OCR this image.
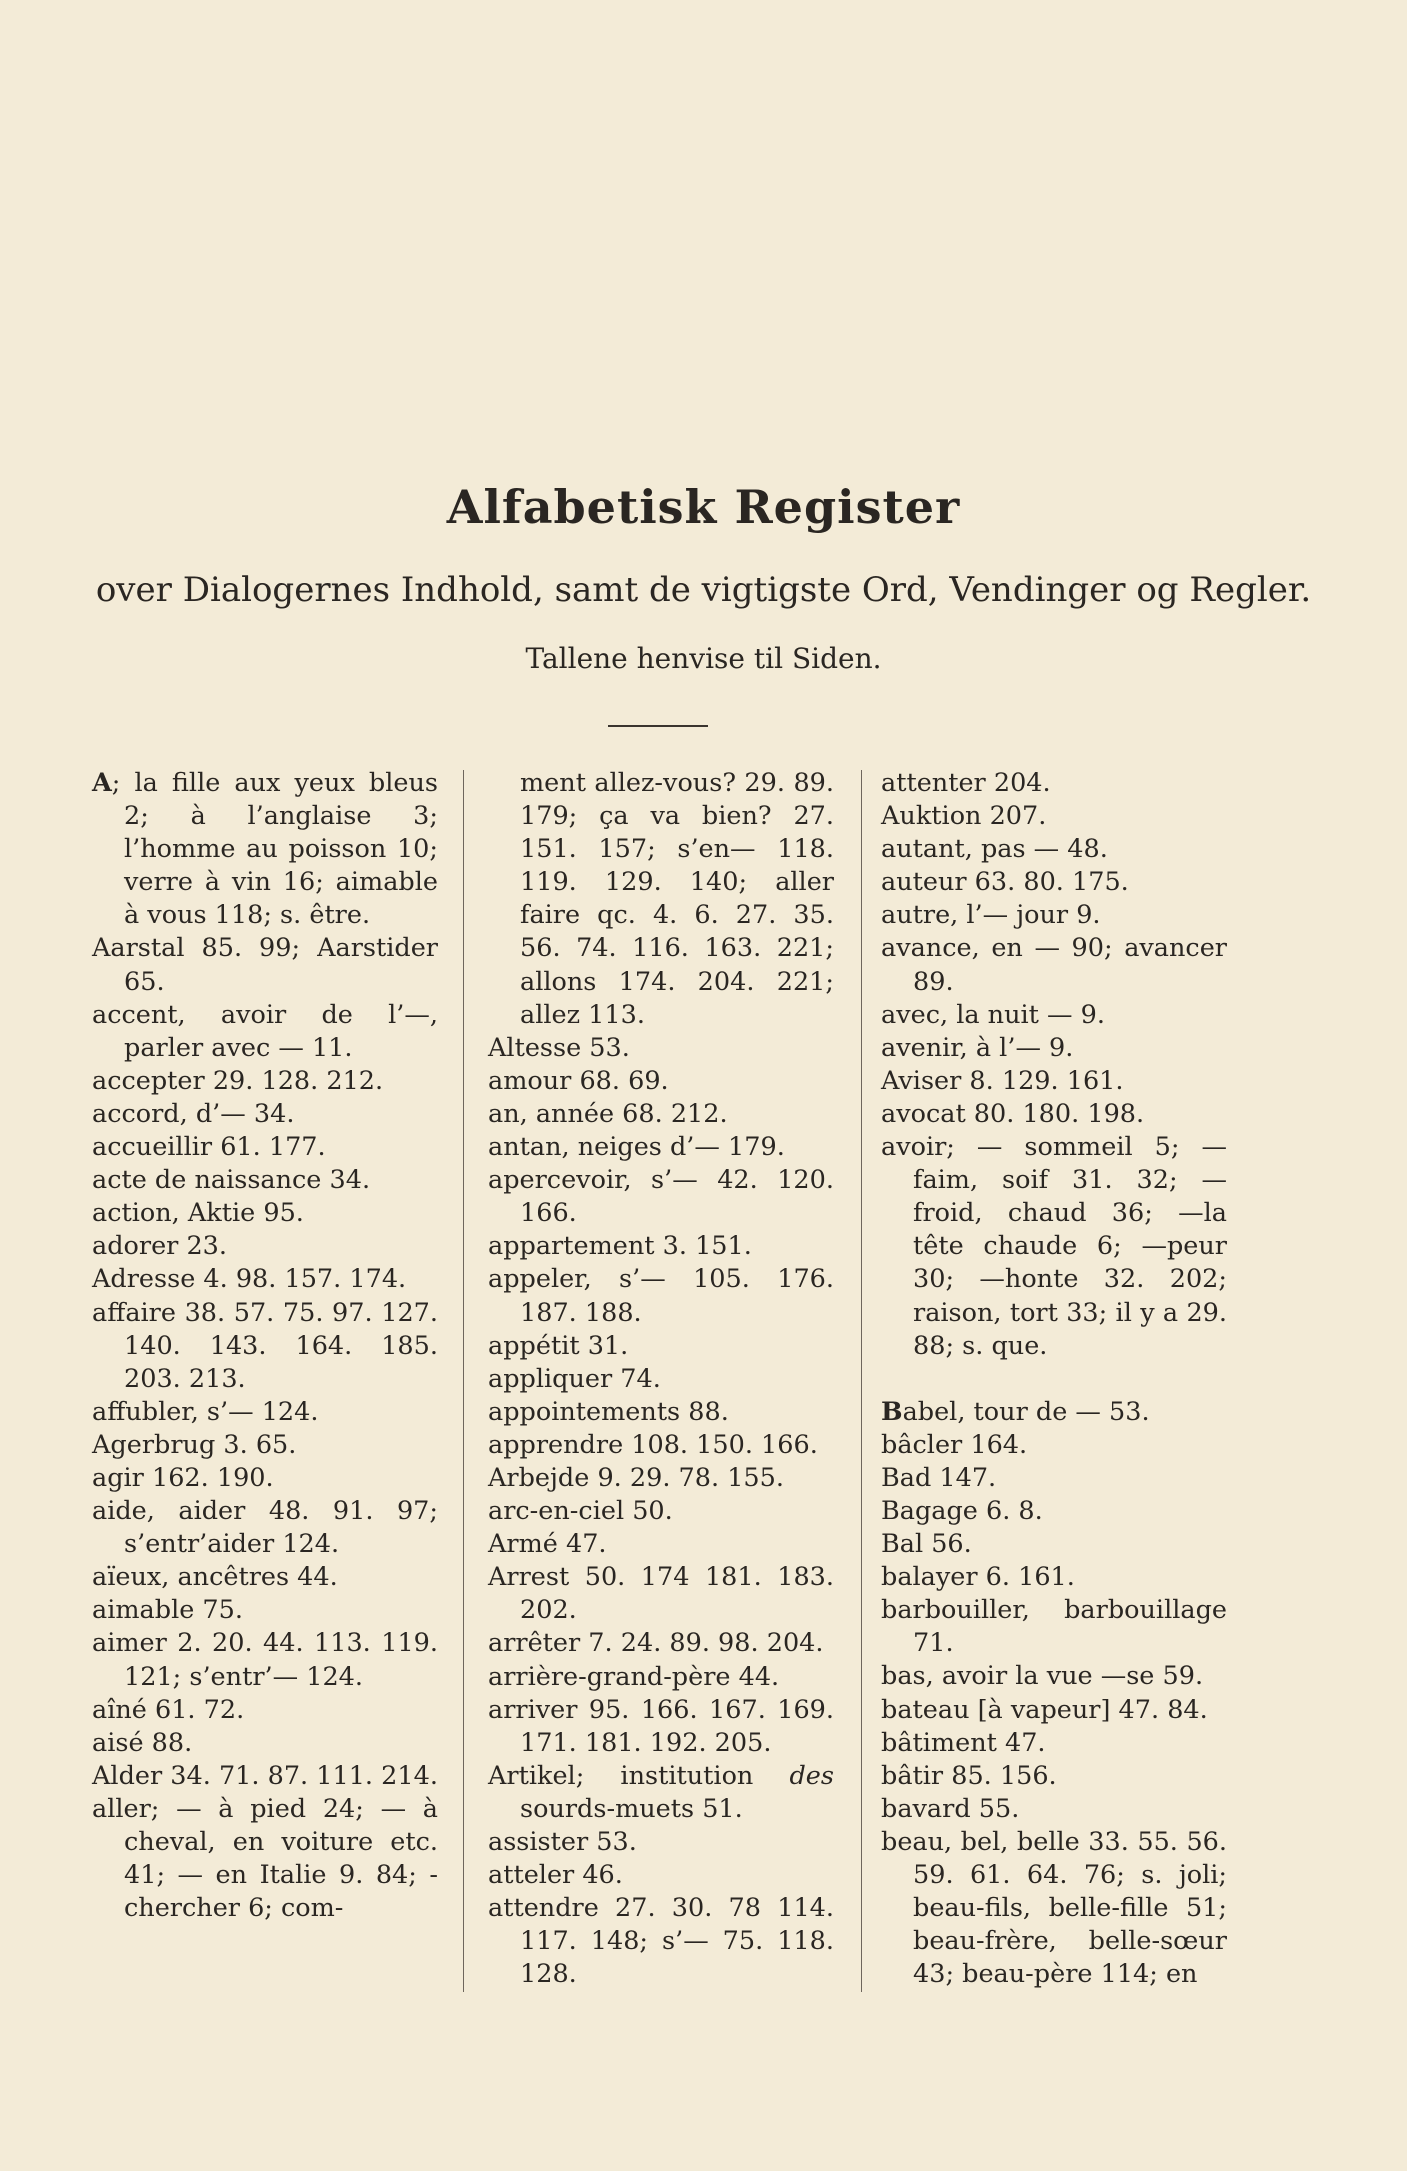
Alfabetisk Register
over Dialogernes Indhold, samt de vigtigste Ord, Vendinger og Regler.
Tallene henvise til Siden.

A; la fille aux yeux bleus 2; à l’anglaise 3; l’homme au poisson 10; verre à vin 16; aimable à vous 118; s. être.

Aarstal 85. 99; Aarstider 65.

accent, avoir de l’—, parler avec — 11.

accepter 29. 128. 212.

accord, d’— 34.

accueillir 61. 177.

acte de naissance 34.

action, Aktie 95.

adorer 23.

Adresse 4. 98. 157. 174.

affaire 38. 57. 75. 97. 127. 140. 143. 164. 185. 203. 213.

affubler, s’— 124.

Agerbrug 3. 65.

agir 162. 190.

aide, aider 48. 91. 97; s’entr’aider 124.

aïeux, ancêtres 44.

aimable 75.

aimer 2. 20. 44. 113. 119. 121; s’entr’— 124.

aîné 61. 72.

aisé 88.

Alder 34. 71. 87. 111. 214.

aller; — à pied 24; — à cheval, en voiture etc. 41; — en Italie 9. 84; - chercher 6; com-

ment allez-vous? 29. 89. 179; ça va bien? 27. 151. 157; s’en— 118. 119. 129. 140; aller faire qc. 4. 6. 27. 35. 56. 74. 116. 163. 221; allons 174. 204. 221; allez 113.

Altesse 53.

amour 68. 69.

an, année 68. 212.

antan, neiges d’— 179.

apercevoir, s’— 42. 120. 166.

appartement 3. 151.

appeler, s’— 105. 176. 187. 188.

appétit 31.

appliquer 74.

appointements 88.

apprendre 108. 150. 166.

Arbejde 9. 29. 78. 155.

arc-en-ciel 50.

Armé 47.

Arrest 50. 174 181. 183. 202.

arrêter 7. 24. 89. 98. 204.

arrière-grand-père 44.

arriver 95. 166. 167. 169. 171. 181. 192. 205.

Artikel; institution des sourds-muets 51.

assister 53.

atteler 46.

attendre 27. 30. 78 114. 117. 148; s’— 75. 118. 128.

attenter 204.

Auktion 207.

autant, pas — 48.

auteur 63. 80. 175.

autre, l’— jour 9.

avance, en — 90; avancer 89.

avec, la nuit — 9.

avenir, à l’— 9.

Aviser 8. 129. 161.

avocat 80. 180. 198.

avoir; — sommeil 5; — faim, soif 31. 32; — froid, chaud 36; —la tête chaude 6; —peur 30; —honte 32. 202; raison, tort 33; il y a 29. 88; s. que.

Babel, tour de — 53.

bâcler 164.

Bad 147.

Bagage 6. 8.

Bal 56.

balayer 6. 161.

barbouiller, barbouillage 71.

bas, avoir la vue —se 59.

bateau [à vapeur] 47. 84.

bâtiment 47.

bâtir 85. 156.

bavard 55.

beau, bel, belle 33. 55. 56. 59. 61. 64. 76; s. joli; beau-fils, belle-fille 51; beau-frère, belle-sœur 43; beau-père 114; en
